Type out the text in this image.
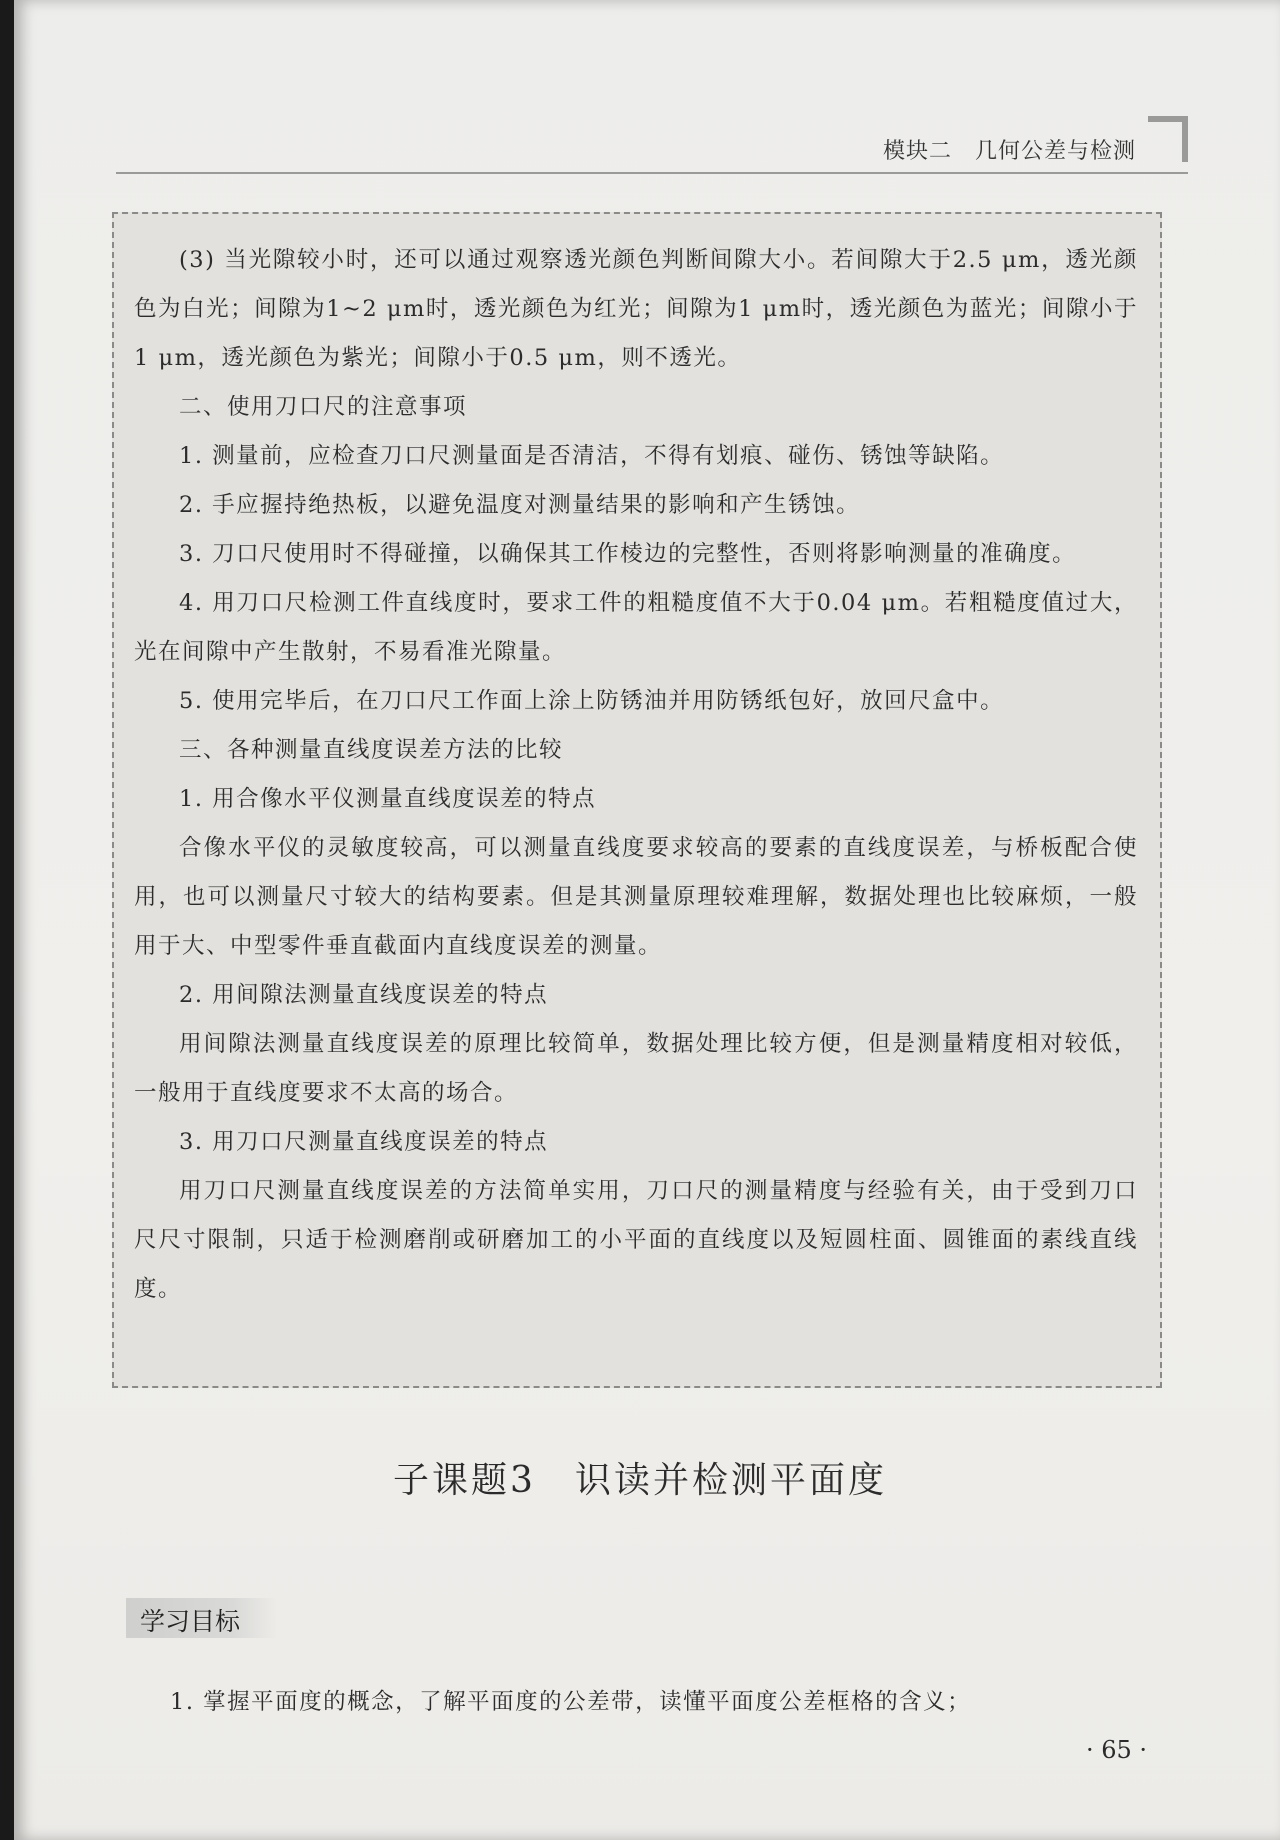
模块二　几何公差与检测

(3) 当光隙较小时，还可以通过观察透光颜色判断间隙大小。若间隙大于2.5 μm，透光颜色为白光；间隙为1~2 μm时，透光颜色为红光；间隙为1 μm时，透光颜色为蓝光；间隙小于1 μm，透光颜色为紫光；间隙小于0.5 μm，则不透光。

二、使用刀口尺的注意事项

1. 测量前，应检查刀口尺测量面是否清洁，不得有划痕、碰伤、锈蚀等缺陷。

2. 手应握持绝热板，以避免温度对测量结果的影响和产生锈蚀。

3. 刀口尺使用时不得碰撞，以确保其工作棱边的完整性，否则将影响测量的准确度。

4. 用刀口尺检测工件直线度时，要求工件的粗糙度值不大于0.04 μm。若粗糙度值过大，光在间隙中产生散射，不易看准光隙量。

5. 使用完毕后，在刀口尺工作面上涂上防锈油并用防锈纸包好，放回尺盒中。

三、各种测量直线度误差方法的比较

1. 用合像水平仪测量直线度误差的特点

合像水平仪的灵敏度较高，可以测量直线度要求较高的要素的直线度误差，与桥板配合使用，也可以测量尺寸较大的结构要素。但是其测量原理较难理解，数据处理也比较麻烦，一般用于大、中型零件垂直截面内直线度误差的测量。

2. 用间隙法测量直线度误差的特点

用间隙法测量直线度误差的原理比较简单，数据处理比较方便，但是测量精度相对较低，一般用于直线度要求不太高的场合。

3. 用刀口尺测量直线度误差的特点

用刀口尺测量直线度误差的方法简单实用，刀口尺的测量精度与经验有关，由于受到刀口尺尺寸限制，只适于检测磨削或研磨加工的小平面的直线度以及短圆柱面、圆锥面的素线直线度。

子课题3　识读并检测平面度
学习目标
1. 掌握平面度的概念，了解平面度的公差带，读懂平面度公差框格的含义；
· 65 ·
